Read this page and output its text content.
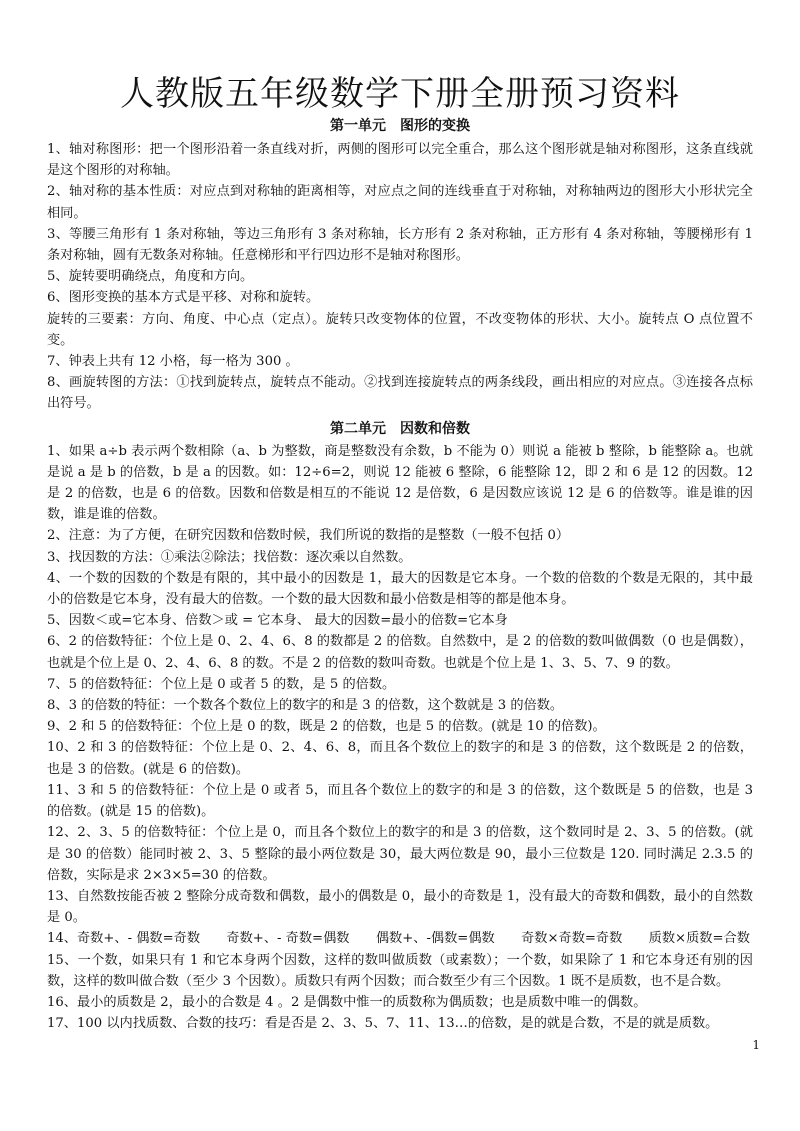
人教版五年级数学下册全册预习资料
第一单元　图形的变换

1、轴对称图形：把一个图形沿着一条直线对折，两侧的图形可以完全重合，那么这个图形就是轴对称图形，这条直线就是这个图形的对称轴。

2、轴对称的基本性质：对应点到对称轴的距离相等，对应点之间的连线垂直于对称轴，对称轴两边的图形大小形状完全相同。

3、等腰三角形有 1 条对称轴，等边三角形有 3 条对称轴，长方形有 2 条对称轴，正方形有 4 条对称轴，等腰梯形有 1 条对称轴，圆有无数条对称轴。任意梯形和平行四边形不是轴对称图形。

5、旋转要明确绕点，角度和方向。

6、图形变换的基本方式是平移、对称和旋转。

旋转的三要素：方向、角度、中心点（定点）。旋转只改变物体的位置，不改变物体的形状、大小。旋转点 O 点位置不变。

7、钟表上共有 12 小格，每一格为 300 。

8、画旋转图的方法：①找到旋转点，旋转点不能动。②找到连接旋转点的两条线段，画出相应的对应点。③连接各点标出符号。

第二单元　因数和倍数

1、如果 a÷b 表示两个数相除（a、b 为整数，商是整数没有余数，b 不能为 0）则说 a 能被 b 整除，b 能整除 a。也就是说 a 是 b 的倍数，b 是 a 的因数。如：12÷6=2，则说 12 能被 6 整除，6 能整除 12，即 2 和 6 是 12 的因数。12 是 2 的倍数，也是 6 的倍数。因数和倍数是相互的不能说 12 是倍数，6 是因数应该说 12 是 6 的倍数等。谁是谁的因数，谁是谁的倍数。

2、注意：为了方便，在研究因数和倍数时候，我们所说的数指的是整数（一般不包括 0）

3、找因数的方法：①乘法②除法；找倍数：逐次乘以自然数。

4、一个数的因数的个数是有限的，其中最小的因数是 1，最大的因数是它本身。一个数的倍数的个数是无限的，其中最小的倍数是它本身，没有最大的倍数。一个数的最大因数和最小倍数是相等的都是他本身。

5、因数＜或=它本身、倍数＞或 = 它本身、 最大的因数=最小的倍数=它本身

6、2 的倍数特征：个位上是 0、2、4、6、8 的数都是 2 的倍数。自然数中，是 2 的倍数的数叫做偶数（0 也是偶数），也就是个位上是 0、2、4、6、8 的数。不是 2 的倍数的数叫奇数。也就是个位上是 1、3、5、7、9 的数。

7、5 的倍数特征：个位上是 0 或者 5 的数，是 5 的倍数。

8、3 的倍数的特征：一个数各个数位上的数字的和是 3 的倍数，这个数就是 3 的倍数。

9、2 和 5 的倍数特征：个位上是 0 的数，既是 2 的倍数，也是 5 的倍数。(就是 10 的倍数)。

10、2 和 3 的倍数特征：个位上是 0、2、4、6、8，而且各个数位上的数字的和是 3 的倍数，这个数既是 2 的倍数，也是 3 的倍数。(就是 6 的倍数)。

11、3 和 5 的倍数特征：个位上是 0 或者 5，而且各个数位上的数字的和是 3 的倍数，这个数既是 5 的倍数，也是 3 的倍数。(就是 15 的倍数)。

12、2、3、5 的倍数特征：个位上是 0，而且各个数位上的数字的和是 3 的倍数，这个数同时是 2、3、5 的倍数。(就是 30 的倍数）能同时被 2、3、5 整除的最小两位数是 30，最大两位数是 90，最小三位数是 120. 同时满足 2.3.5 的倍数，实际是求 2×3×5=30 的倍数。

13、自然数按能否被 2 整除分成奇数和偶数，最小的偶数是 0，最小的奇数是 1，没有最大的奇数和偶数，最小的自然数是 0。

14、奇数+、- 偶数=奇数　　奇数+、- 奇数=偶数　　偶数+、-偶数=偶数　　奇数×奇数=奇数　　质数×质数=合数

15、一个数，如果只有 1 和它本身两个因数，这样的数叫做质数（或素数）；一个数，如果除了 1 和它本身还有别的因数，这样的数叫做合数（至少 3 个因数）。质数只有两个因数；而合数至少有三个因数。1 既不是质数，也不是合数。

16、最小的质数是 2，最小的合数是 4 。2 是偶数中惟一的质数称为偶质数；也是质数中唯一的偶数。

17、100 以内找质数、合数的技巧：看是否是 2、3、5、7、11、13…的倍数，是的就是合数，不是的就是质数。

1
